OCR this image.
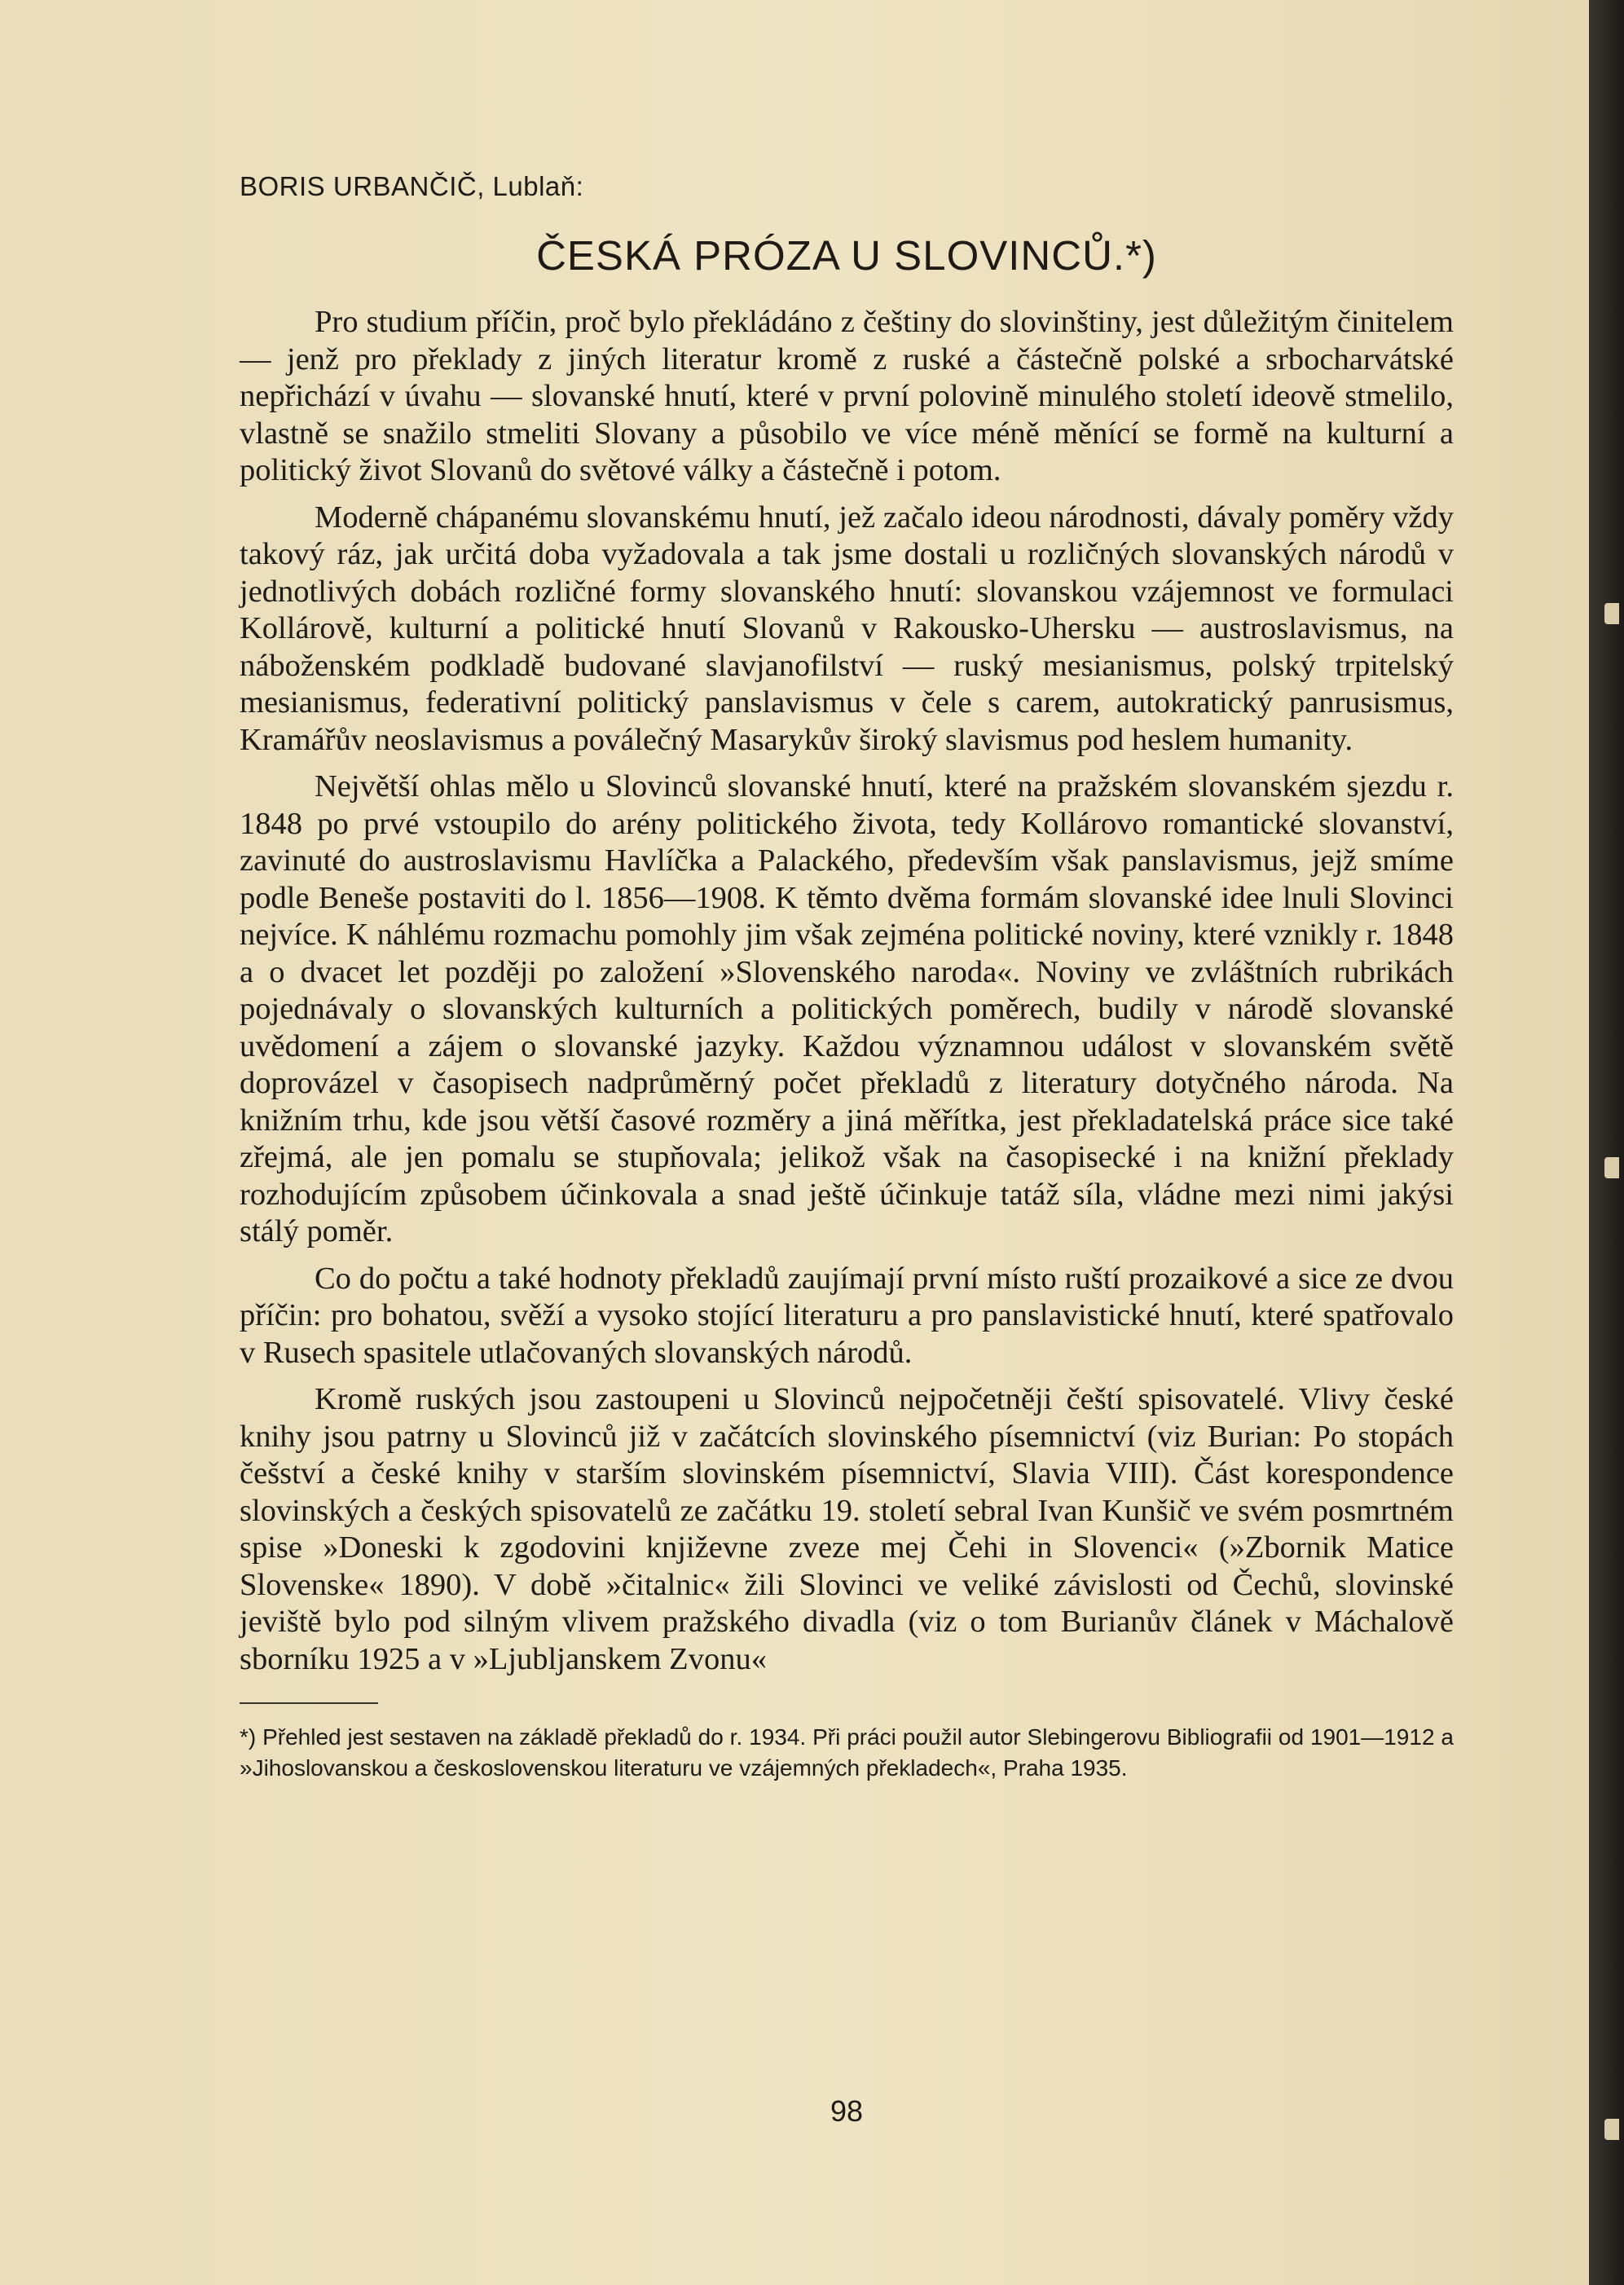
BORIS URBANČIČ, Lublaň:
ČESKÁ PRÓZA U SLOVINCŮ.*)

Pro studium příčin, proč bylo překládáno z češtiny do slovinštiny, jest důležitým činitelem — jenž pro překlady z jiných literatur kromě z ruské a částečně polské a srbocharvátské nepřichází v úvahu — slovanské hnutí, které v první polovině minulého století ideově stmelilo, vlastně se snažilo stmeliti Slovany a působilo ve více méně měnící se formě na kulturní a politický život Slovanů do světové války a částečně i potom.

Moderně chápanému slovanskému hnutí, jež začalo ideou národnosti, dávaly poměry vždy takový ráz, jak určitá doba vyžadovala a tak jsme dostali u rozličných slovanských národů v jednotlivých dobách rozličné formy slovanského hnutí: slovanskou vzájemnost ve formulaci Kollárově, kulturní a politické hnutí Slovanů v Rakousko-Uhersku — austroslavismus, na náboženském podkladě budované slavjanofilství — ruský mesianismus, polský trpitelský mesianismus, federativní politický panslavismus v čele s carem, autokratický panrusismus, Kramářův neoslavismus a poválečný Masarykův široký slavismus pod heslem humanity.

Největší ohlas mělo u Slovinců slovanské hnutí, které na pražském slovanském sjezdu r. 1848 po prvé vstoupilo do arény politického života, tedy Kollárovo romantické slovanství, zavinuté do austroslavismu Havlíčka a Palackého, především však panslavismus, jejž smíme podle Beneše postaviti do l. 1856—1908. K těmto dvěma formám slovanské idee lnuli Slovinci nejvíce. K náhlému rozmachu pomohly jim však zejména politické noviny, které vznikly r. 1848 a o dvacet let později po založení »Slovenského naroda«. Noviny ve zvláštních rubrikách pojednávaly o slovanských kulturních a politických poměrech, budily v národě slovanské uvědomení a zájem o slovanské jazyky. Každou významnou událost v slovanském světě doprovázel v časopisech nadprůměrný počet překladů z literatury dotyčného národa. Na knižním trhu, kde jsou větší časové rozměry a jiná měřítka, jest překladatelská práce sice také zřejmá, ale jen pomalu se stupňovala; jelikož však na časopisecké i na knižní překlady rozhodujícím způsobem účinkovala a snad ještě účinkuje tatáž síla, vládne mezi nimi jakýsi stálý poměr.

Co do počtu a také hodnoty překladů zaujímají první místo ruští prozaikové a sice ze dvou příčin: pro bohatou, svěží a vysoko stojící literaturu a pro panslavistické hnutí, které spatřovalo v Rusech spasitele utlačovaných slovanských národů.

Kromě ruských jsou zastoupeni u Slovinců nejpočetněji čeští spisovatelé. Vlivy české knihy jsou patrny u Slovinců již v začátcích slovinského písemnictví (viz Burian: Po stopách češství a české knihy v starším slovinském písemnictví, Slavia VIII). Část korespondence slovinských a českých spisovatelů ze začátku 19. století sebral Ivan Kunšič ve svém posmrtném spise »Doneski k zgodovini književne zveze mej Čehi in Slovenci« (»Zbornik Matice Slovenske« 1890). V době »čitalnic« žili Slovinci ve veliké závislosti od Čechů, slovinské jeviště bylo pod silným vlivem pražského divadla (viz o tom Burianův článek v Máchalově sborníku 1925 a v »Ljubljanskem Zvonu«

*) Přehled jest sestaven na základě překladů do r. 1934. Při práci použil autor Slebingerovu Bibliografii od 1901—1912 a »Jihoslovanskou a československou literaturu ve vzájemných překladech«, Praha 1935.

98
